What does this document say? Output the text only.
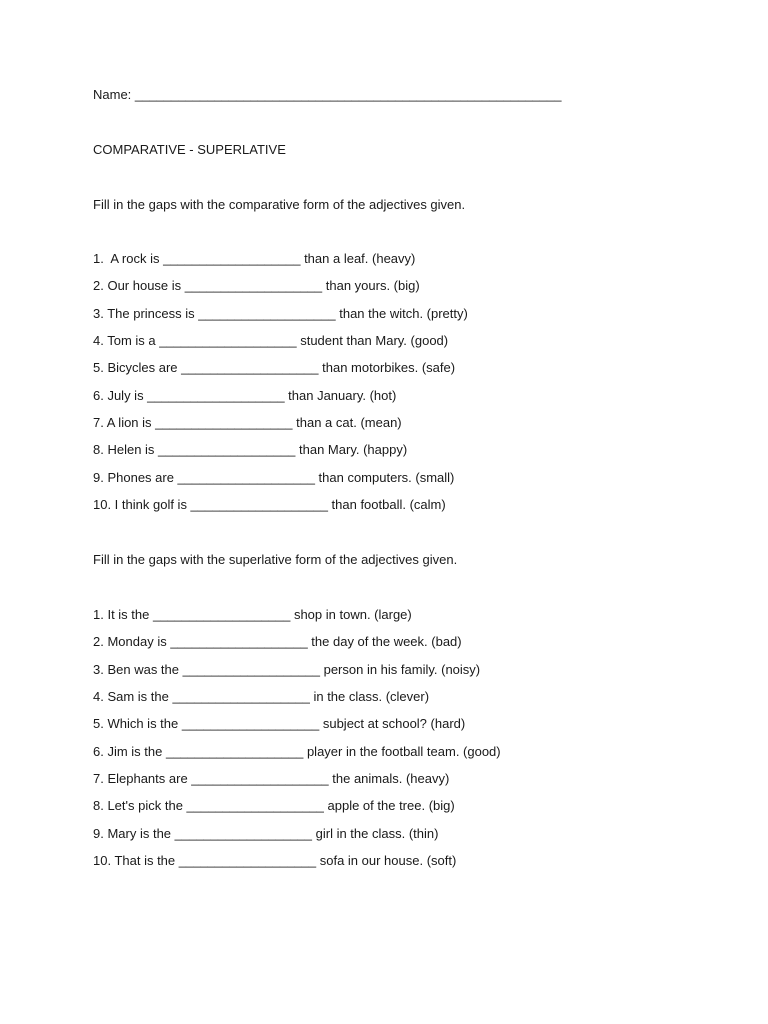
Name: ___________________________________________________________
COMPARATIVE - SUPERLATIVE
Fill in the gaps with the comparative form of the adjectives given.
1.  A rock is ___________________ than a leaf. (heavy)
2. Our house is ___________________ than yours. (big)
3. The princess is ___________________ than the witch. (pretty)
4. Tom is a ___________________ student than Mary. (good)
5. Bicycles are ___________________ than motorbikes. (safe)
6. July is ___________________ than January. (hot)
7. A lion is ___________________ than a cat. (mean)
8. Helen is ___________________ than Mary. (happy)
9. Phones are ___________________ than computers. (small)
10. I think golf is ___________________ than football. (calm)
Fill in the gaps with the superlative form of the adjectives given.
1. It is the ___________________ shop in town. (large)
2. Monday is ___________________ the day of the week. (bad)
3. Ben was the ___________________ person in his family. (noisy)
4. Sam is the ___________________ in the class. (clever)
5. Which is the ___________________ subject at school? (hard)
6. Jim is the ___________________ player in the football team. (good)
7. Elephants are ___________________ the animals. (heavy)
8. Let's pick the ___________________ apple of the tree. (big)
9. Mary is the ___________________ girl in the class. (thin)
10. That is the ___________________ sofa in our house. (soft)
